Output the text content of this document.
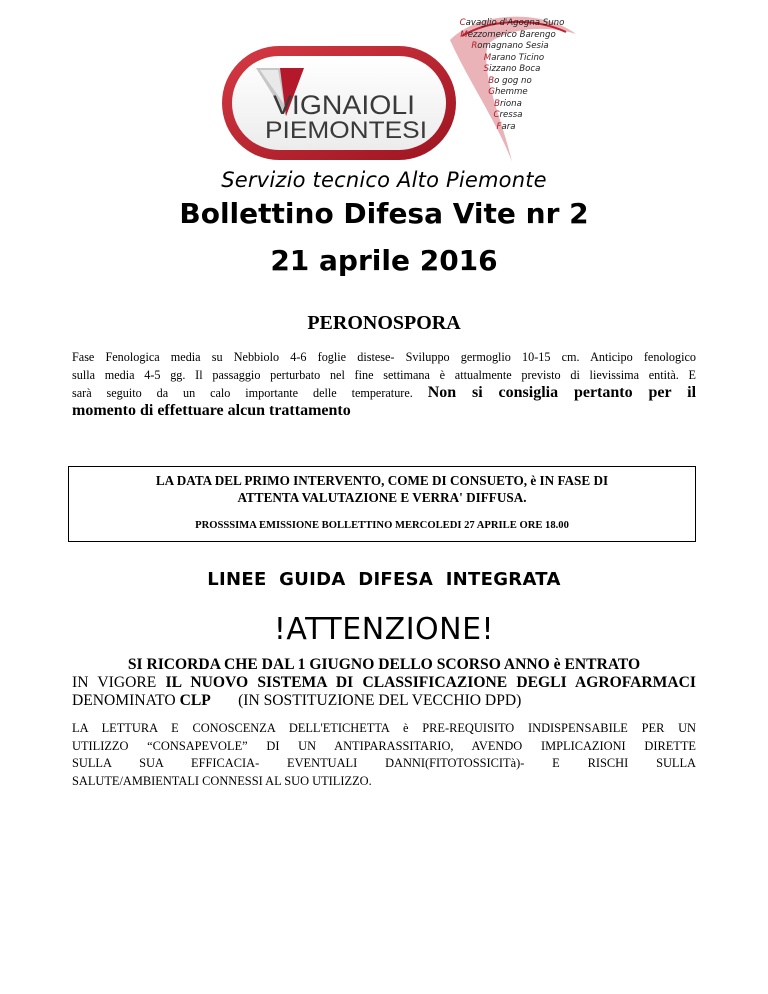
VIGNAIOLI
PIEMONTESI
Cavaglio d'Agogna Suno
Mezzomerico Barengo
Romagnano Sesia
Marano Ticino
Sizzano Boca
Bo gog no
Ghemme
Briona
Cressa
Fara
Servizio tecnico Alto Piemonte
Bollettino Difesa Vite nr 2
21 aprile 2016
PERONOSPORA
Fase Fenologica media su Nebbiolo 4-6 foglie distese- Sviluppo germoglio 10-15 cm. Anticipo fenologico
sulla media 4-5 gg. Il passaggio perturbato nel fine settimana è attualmente previsto di lievissima entità. E
sarà seguito da un calo importante delle temperature. Non si consiglia pertanto per il
momento di effettuare alcun trattamento
LA DATA DEL PRIMO INTERVENTO, COME DI CONSUETO, è IN FASE DI
ATTENTA VALUTAZIONE E VERRA' DIFFUSA.
PROSSSIMA EMISSIONE BOLLETTINO MERCOLEDI 27 APRILE ORE 18.00
LINEE GUIDA DIFESA INTEGRATA
!ATTENZIONE!
SI RICORDA CHE DAL 1 GIUGNO DELLO SCORSO ANNO è ENTRATO
IN VIGORE IL NUOVO SISTEMA DI CLASSIFICAZIONE DEGLI AGROFARMACI
DENOMINATO CLP (IN SOSTITUZIONE DEL VECCHIO DPD)
LA LETTURA E CONOSCENZA DELL'ETICHETTA è PRE-REQUISITO INDISPENSABILE PER UN
UTILIZZO “CONSAPEVOLE” DI UN ANTIPARASSITARIO, AVENDO IMPLICAZIONI DIRETTE
SULLA SUA EFFICACIA- EVENTUALI DANNI(FITOTOSSICITà)- E RISCHI SULLA
SALUTE/AMBIENTALI CONNESSI AL SUO UTILIZZO.
